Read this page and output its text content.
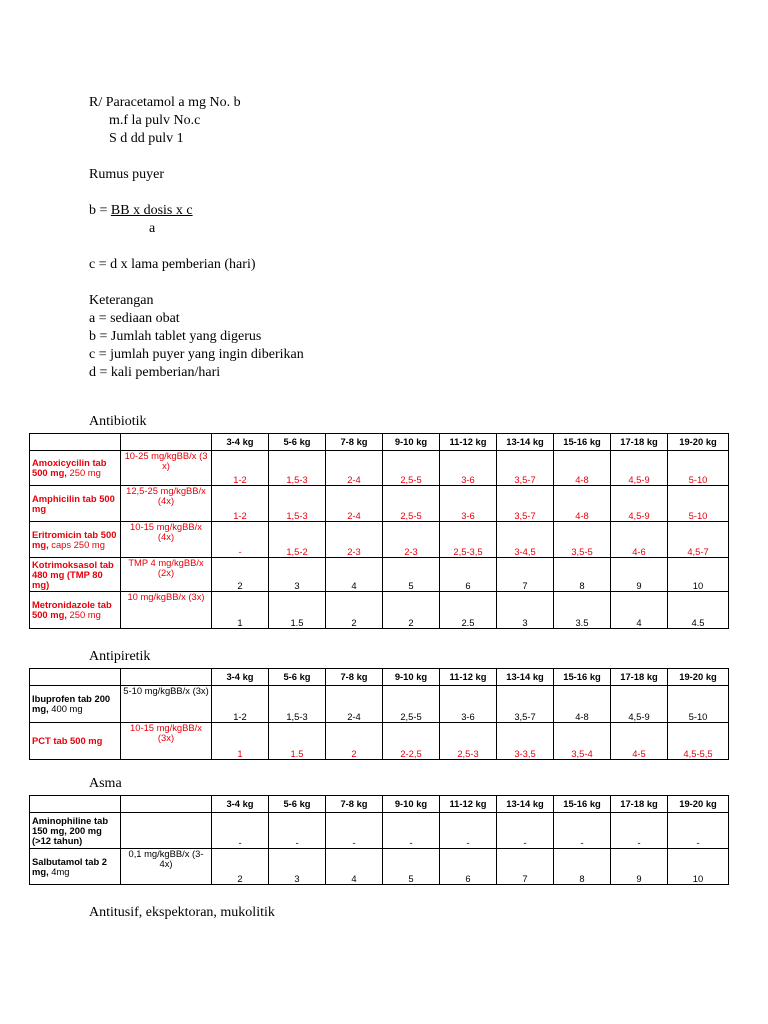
R/ Paracetamol a mg No. b
m.f la pulv No.c
S d dd pulv 1
Rumus puyer
b = BB x dosis x c
a
c = d x lama pemberian (hari)
Keterangan
a = sediaan obat
b = Jumlah tablet yang digerus
c = jumlah puyer yang ingin diberikan
d = kali pemberian/hari
Antibiotik
Antipiretik
Asma
Antitusif, ekspektoran, mukolitik
		3-4 kg	5-6 kg	7-8 kg	9-10 kg	11-12 kg	13-14 kg	15-16 kg	17-18 kg	19-20 kg
Amoxicycilin tab 500 mg, 250 mg	10-25 mg/kgBB/x (3 x)	1-2	1,5-3	2-4	2,5-5	3-6	3,5-7	4-8	4,5-9	5-10
Amphicilin tab 500 mg	12,5-25 mg/kgBB/x (4x)	1-2	1,5-3	2-4	2,5-5	3-6	3,5-7	4-8	4,5-9	5-10
Eritromicin tab 500 mg, caps 250 mg	10-15 mg/kgBB/x (4x)	-	1,5-2	2-3	2-3	2,5-3,5	3-4,5	3,5-5	4-6	4,5-7
Kotrimoksasol tab 480 mg (TMP 80 mg)	TMP 4 mg/kgBB/x (2x)	2	3	4	5	6	7	8	9	10
Metronidazole tab 500 mg, 250 mg	10 mg/kgBB/x (3x)	1	1.5	2	2	2.5	3	3.5	4	4.5
		3-4 kg	5-6 kg	7-8 kg	9-10 kg	11-12 kg	13-14 kg	15-16 kg	17-18 kg	19-20 kg
Ibuprofen tab 200 mg, 400 mg	5-10 mg/kgBB/x (3x)	1-2	1,5-3	2-4	2,5-5	3-6	3,5-7	4-8	4,5-9	5-10
PCT tab 500 mg	10-15 mg/kgBB/x (3x)	1	1.5	2	2-2,5	2,5-3	3-3,5	3,5-4	4-5	4,5-5,5
		3-4 kg	5-6 kg	7-8 kg	9-10 kg	11-12 kg	13-14 kg	15-16 kg	17-18 kg	19-20 kg
Aminophiline tab 150 mg, 200 mg (>12 tahun)		-	-	-	-	-	-	-	-	-
Salbutamol tab 2 mg, 4mg	0,1 mg/kgBB/x (3-4x)	2	3	4	5	6	7	8	9	10
